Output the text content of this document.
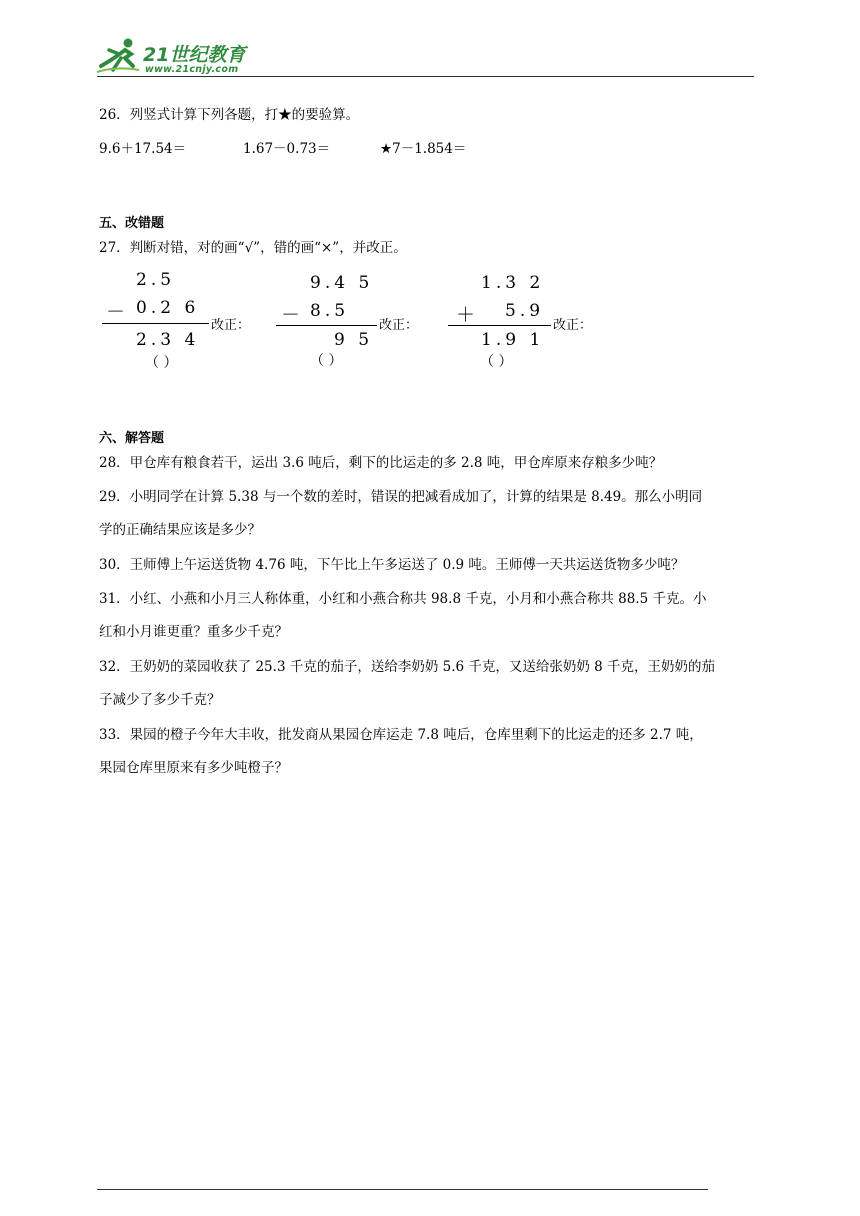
21世纪教育
www.21cnjy.com
26．列竖式计算下列各题，打★的要验算。
9.6＋17.54＝	1.67－0.73＝	★7－1.854＝
五、改错题
27．判断对错，对的画“√”，错的画“×”，并改正。
2.5
－ 0.2 6
改正：
2.3 4
（ ）
9.4 5
－ 8.5
改正：
9 5
（ ）
1.3 2
＋ 5.9
改正：
1.9 1
（ ）
六、解答题
28．甲仓库有粮食若干，运出 3.6 吨后，剩下的比运走的多 2.8 吨，甲仓库原来存粮多少吨？
29．小明同学在计算 5.38 与一个数的差时，错误的把减看成加了，计算的结果是 8.49。那么小明同
学的正确结果应该是多少？
30．王师傅上午运送货物 4.76 吨，下午比上午多运送了 0.9 吨。王师傅一天共运送货物多少吨？
31．小红、小燕和小月三人称体重，小红和小燕合称共 98.8 千克，小月和小燕合称共 88.5 千克。小
红和小月谁更重？重多少千克？
32．王奶奶的菜园收获了 25.3 千克的茄子，送给李奶奶 5.6 千克，又送给张奶奶 8 千克，王奶奶的茄
子减少了多少千克？
33．果园的橙子今年大丰收，批发商从果园仓库运走 7.8 吨后，仓库里剩下的比运走的还多 2.7 吨，
果园仓库里原来有多少吨橙子？
